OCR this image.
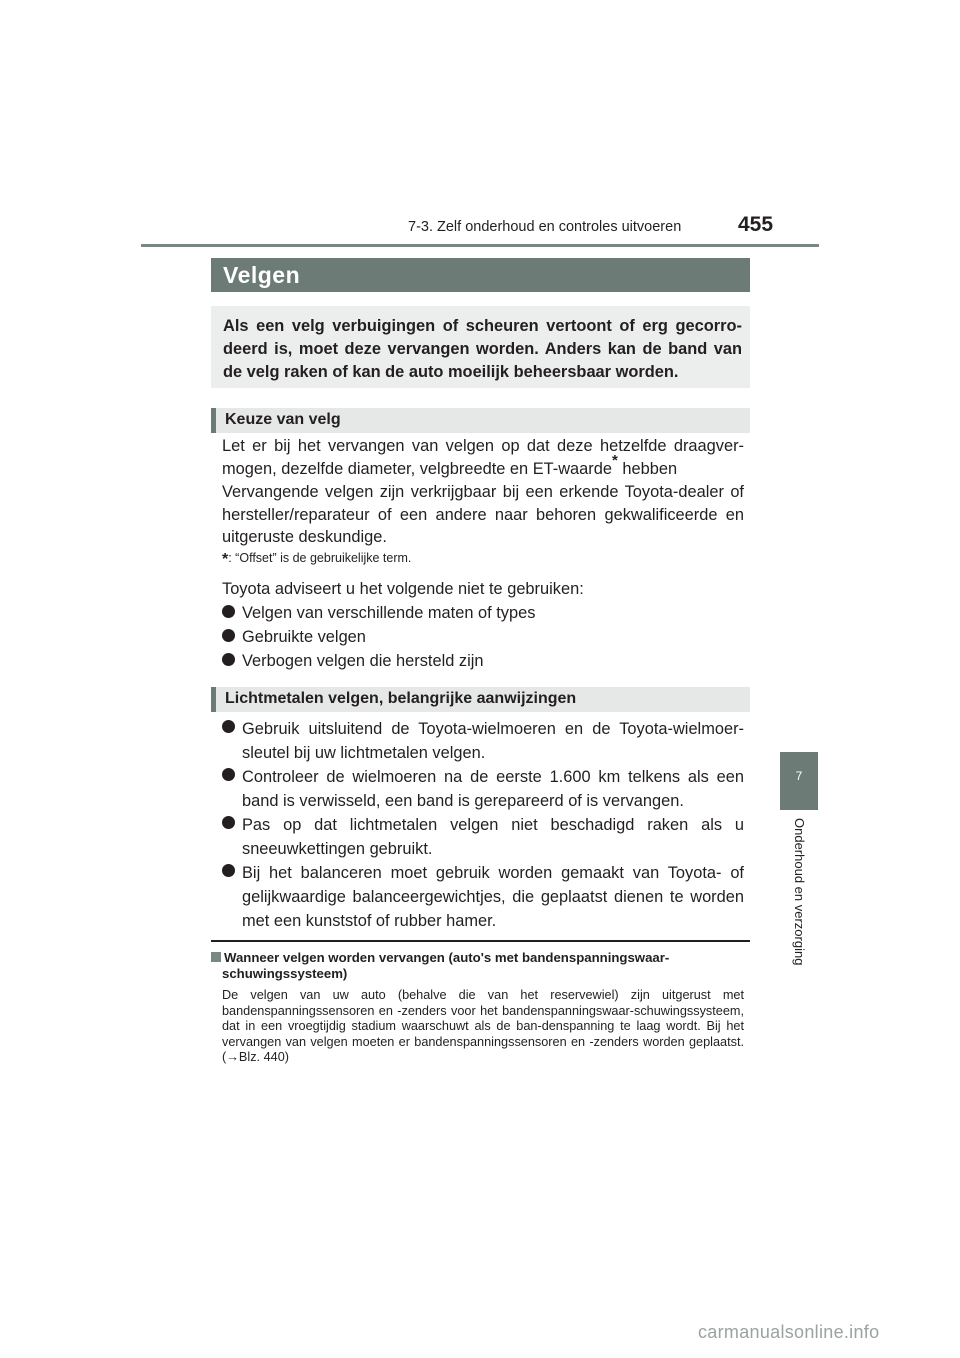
7-3. Zelf onderhoud en controles uitvoeren	455
Velgen

Als een velg verbuigingen of scheuren vertoont of erg gecorro-deerd is, moet deze vervangen worden. Anders kan de band van de velg raken of kan de auto moeilijk beheersbaar worden.

Keuze van velg

Let er bij het vervangen van velgen op dat deze hetzelfde draagver-mogen, dezelfde diameter, velgbreedte en ET-waarde* hebben

Vervangende velgen zijn verkrijgbaar bij een erkende Toyota-dealer of hersteller/reparateur of een andere naar behoren gekwalificeerde en uitgeruste deskundige.

*: “Offset” is de gebruikelijke term.

Toyota adviseert u het volgende niet te gebruiken:

Velgen van verschillende maten of types
Gebruikte velgen
Verbogen velgen die hersteld zijn
Lichtmetalen velgen, belangrijke aanwijzingen
Gebruik uitsluitend de Toyota-wielmoeren en de Toyota-wielmoer-sleutel bij uw lichtmetalen velgen.
Controleer de wielmoeren na de eerste 1.600 km telkens als een band is verwisseld, een band is gerepareerd of is vervangen.
Pas op dat lichtmetalen velgen niet beschadigd raken als u sneeuwkettingen gebruikt.
Bij het balanceren moet gebruik worden gemaakt van Toyota- of gelijkwaardige balanceergewichtjes, die geplaatst dienen te worden met een kunststof of rubber hamer.
Wanneer velgen worden vervangen (auto's met bandenspanningswaar-
schuwingssysteem)

De velgen van uw auto (behalve die van het reservewiel) zijn uitgerust met bandenspanningssensoren en -zenders voor het bandenspanningswaar-schuwingssysteem, dat in een vroegtijdig stadium waarschuwt als de ban-denspanning te laag wordt. Bij het vervangen van velgen moeten er bandenspanningssensoren en -zenders worden geplaatst. (→Blz. 440)

7
Onderhoud en verzorging
carmanualsonline.info
